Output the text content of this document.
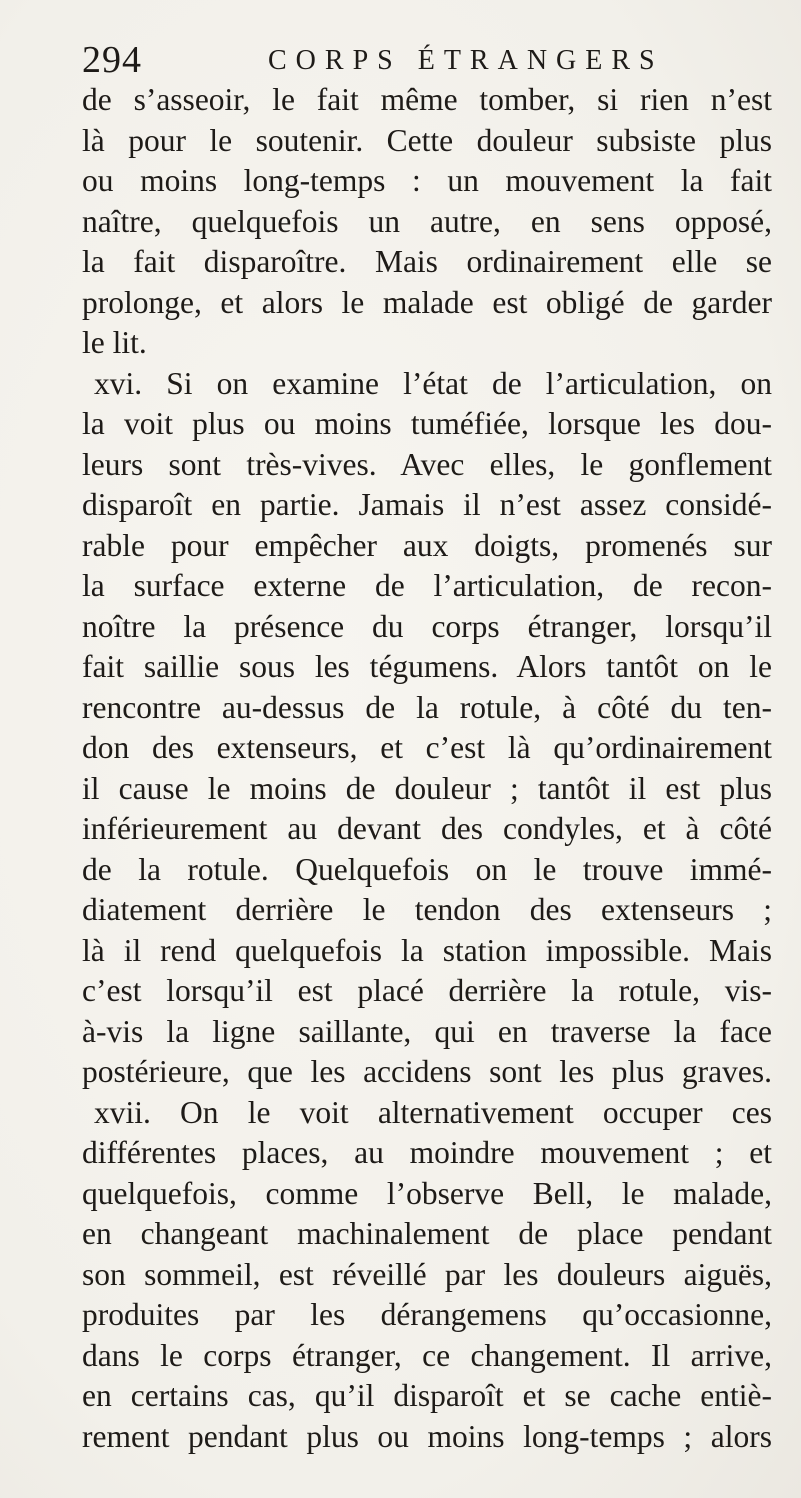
294	CORPS ÉTRANGERS
de s’asseoir, le fait même tomber, si rien n’est
là pour le soutenir. Cette douleur subsiste plus
ou moins long-temps : un mouvement la fait
naître, quelquefois un autre, en sens opposé,
la fait disparoître. Mais ordinairement elle se
prolonge, et alors le malade est obligé de garder
le lit.
xvi. Si on examine l’état de l’articulation, on
la voit plus ou moins tuméfiée, lorsque les dou-
leurs sont très-vives. Avec elles, le gonflement
disparoît en partie. Jamais il n’est assez considé-
rable pour empêcher aux doigts, promenés sur
la surface externe de l’articulation, de recon-
noître la présence du corps étranger, lorsqu’il
fait saillie sous les tégumens. Alors tantôt on le
rencontre au-dessus de la rotule, à côté du ten-
don des extenseurs, et c’est là qu’ordinairement
il cause le moins de douleur ; tantôt il est plus
inférieurement au devant des condyles, et à côté
de la rotule. Quelquefois on le trouve immé-
diatement derrière le tendon des extenseurs ;
là il rend quelquefois la station impossible. Mais
c’est lorsqu’il est placé derrière la rotule, vis-
à-vis la ligne saillante, qui en traverse la face
postérieure, que les accidens sont les plus graves.
xvii. On le voit alternativement occuper ces
différentes places, au moindre mouvement ; et
quelquefois, comme l’observe Bell, le malade,
en changeant machinalement de place pendant
son sommeil, est réveillé par les douleurs aiguës,
produites par les dérangemens qu’occasionne,
dans le corps étranger, ce changement. Il arrive,
en certains cas, qu’il disparoît et se cache entiè-
rement pendant plus ou moins long-temps ; alors
